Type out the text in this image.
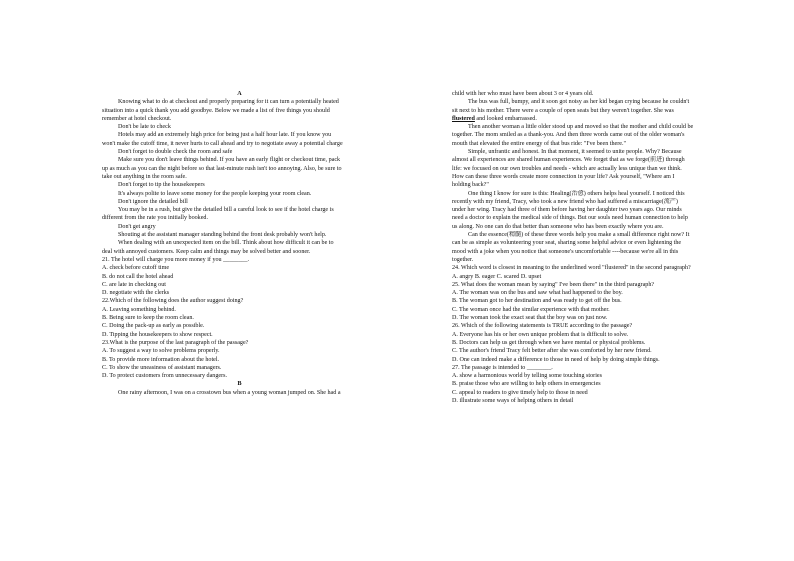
A
Knowing what to do at checkout and properly preparing for it can turn a potentially heated
situation into a quick thank you add goodbye. Below we made a list of five things you should
remember at hotel checkout.
Don't be late to check
Hotels may add an extremely high price for being just a half hour late. If you know you
won't make the cutoff time, it never hurts to call ahead and try to negotiate away a potential charge
Don't forget to double check the room and safe
Make sure you don't leave things behind. If you have an early flight or checkout time, pack
up as much as you can the night before so that last-minute rush isn't too annoying. Also, be sure to
take out anything in the room safe.
Don't forget to tip the housekeepers
It's always polite to leave some money for the people keeping your room clean.
Don't ignore the detailed bill
You may be in a rush, but give the detailed bill a careful look to see if the hotel charge is
different from the rate you initially booked.
Don't get angry
Shouting at the assistant manager standing behind the front desk probably won't help.
When dealing with an unexpected item on the bill. Think about how difficult it can be to
deal with annoyed customers. Keep calm and things may be solved better and sooner.
21. The hotel will charge you more money if you ________.
A. check before cutoff time
B. do not call the hotel ahead
C. are late in checking out
D. negotiate with the clerks
22.Which of the following does the author suggest doing?
A. Leaving something behind.
B. Being sure to keep the room clean.
C. Doing the pack-up as early as possible.
D. Tipping the housekeepers to show respect.
23.What is the purpose of the last paragraph of the passage?
A. To suggest a way to solve problems properly.
B. To provide more information about the hotel.
C. To show the uneasiness of assistant managers.
D. To protect customers from unnecessary dangers.
B
One rainy afternoon, I was on a crosstown bus when a young woman jumped on. She had a
child with her who must have been about 3 or 4 years old.
The bus was full, bumpy, and it soon got noisy as her kid began crying because he couldn't
sit next to his mother. There were a couple of open seats but they weren't together. She was
flustered and looked embarrassed.
Then another woman a little older stood up and moved so that the mother and child could be
together. The mom smiled as a thank-you. And then three words came out of the older woman's
mouth that elevated the entire energy of that bus ride: "I've been there."
Simple, unfrantic and honest. In that moment, it seemed to unite people. Why? Because
almost all experiences are shared human experiences. We forget that as we forge(前进) through
life: we focused on our own troubles and needs - which are actually less unique than we think.
How can these three words create more connection in your life? Ask yourself, "Where am I
holding back?"
One thing I know for sure is this: Healing(治愈) others helps heal yourself. I noticed this
recently with my friend, Tracy, who took a new friend who had suffered a miscarriage(流产)
under her wing. Tracy had three of them before having her daughter two years ago. Our minds
need a doctor to explain the medical side of things. But our souls need human connection to help
us along. No one can do that better than someone who has been exactly where you are.
Can the essence(精髓) of these three words help you make a small difference right now? It
can be as simple as volunteering your seat, sharing some helpful advice or even lightening the
mood with a joke when you notice that someone's uncomfortable ----because we're all in this
together.
24. Which word is closest in meaning to the underlined word "flustered" in the second paragraph?
A. angry B. eager C. scared D. upset
25. What does the woman mean by saying" I've been there" in the third paragraph?
A. The woman was on the bus and saw what had happened to the boy.
B. The woman got to her destination and was ready to get off the bus.
C. The woman once had the similar experience with that mother.
D. The woman took the exact seat that the boy was on just now.
26. Which of the following statements is TRUE according to the passage?
A. Everyone has his or her own unique problem that is difficult to solve.
B. Doctors can help us get through when we have mental or physical problems.
C. The author's friend Tracy felt better after she was comforted by her new friend.
D. One can indeed make a difference to those in need of help by doing simple things.
27. The passage is intended to ________.
A. show a harmonious world by telling some touching stories
B. praise those who are willing to help others in emergencies
C. appeal to readers to give timely help to those in need
D. illustrate some ways of helping others in detail
